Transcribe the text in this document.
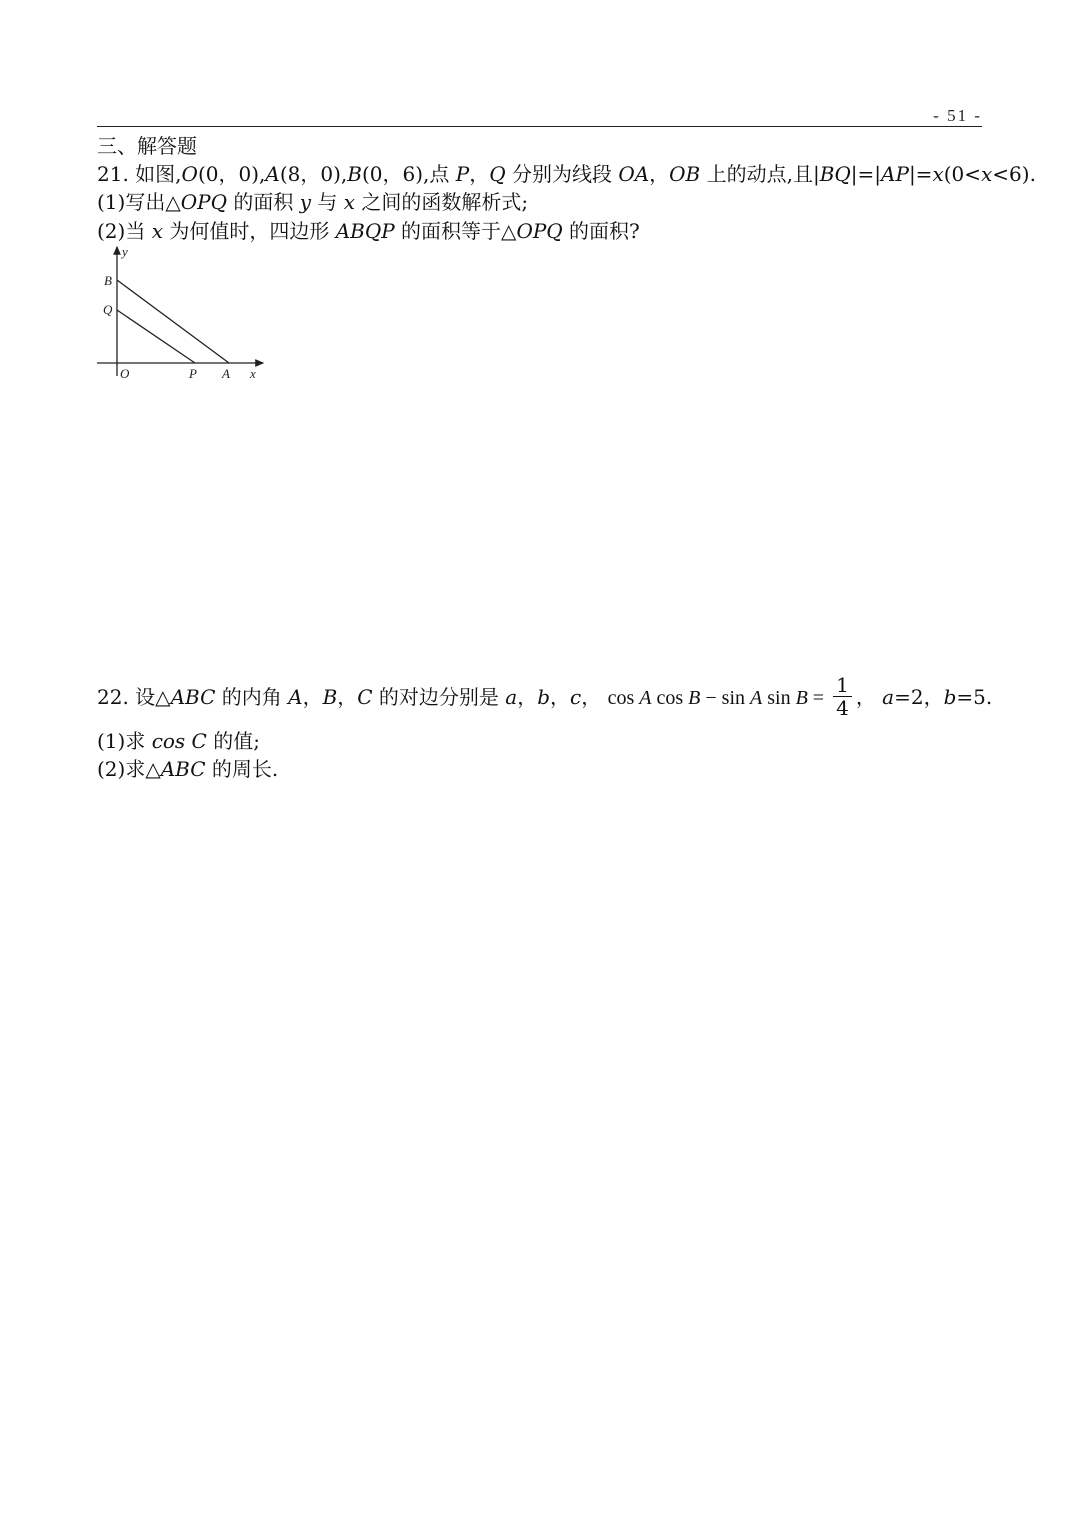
- 51 -
三、解答题
21. 如图,O(0，0),A(8，0),B(0，6),点 P，Q 分别为线段 OA，OB 上的动点,且|BQ|=|AP|=x(0<x<6).
(1)写出△OPQ 的面积 y 与 x 之间的函数解析式;
(2)当 x 为何值时，四边形 ABQP 的面积等于△OPQ 的面积?
y
B
Q
O	P A x
22. 设△ABC 的内角 A，B，C 的对边分别是 a，b，c， cos A cos B − sin A $\sin B = \frac{1}{4}$ ， a=2，b=5.
(1)求 cos C 的值;
(2)求△ABC 的周长.
